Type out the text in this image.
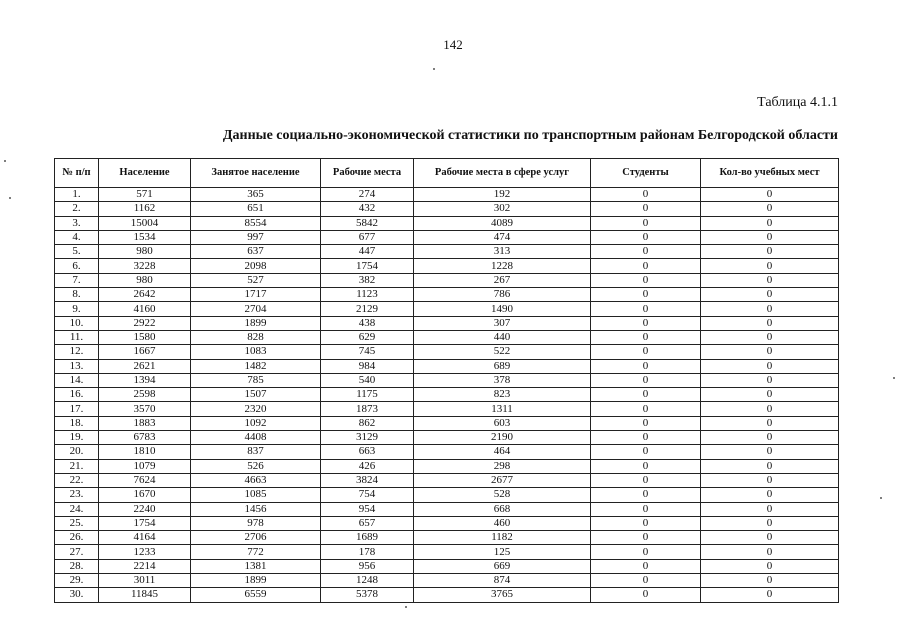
142
Таблица 4.1.1
Данные социально-экономической статистики по транспортным районам Белгородской области
№ п/п	Население	Занятое население	Рабочие места	Рабочие места в сфере услуг	Студенты	Кол-во учебных мест
1.	571	365	274	192	0	0
2.	1162	651	432	302	0	0
3.	15004	8554	5842	4089	0	0
4.	1534	997	677	474	0	0
5.	980	637	447	313	0	0
6.	3228	2098	1754	1228	0	0
7.	980	527	382	267	0	0
8.	2642	1717	1123	786	0	0
9.	4160	2704	2129	1490	0	0
10.	2922	1899	438	307	0	0
11.	1580	828	629	440	0	0
12.	1667	1083	745	522	0	0
13.	2621	1482	984	689	0	0
14.	1394	785	540	378	0	0
16.	2598	1507	1175	823	0	0
17.	3570	2320	1873	1311	0	0
18.	1883	1092	862	603	0	0
19.	6783	4408	3129	2190	0	0
20.	1810	837	663	464	0	0
21.	1079	526	426	298	0	0
22.	7624	4663	3824	2677	0	0
23.	1670	1085	754	528	0	0
24.	2240	1456	954	668	0	0
25.	1754	978	657	460	0	0
26.	4164	2706	1689	1182	0	0
27.	1233	772	178	125	0	0
28.	2214	1381	956	669	0	0
29.	3011	1899	1248	874	0	0
30.	11845	6559	5378	3765	0	0
